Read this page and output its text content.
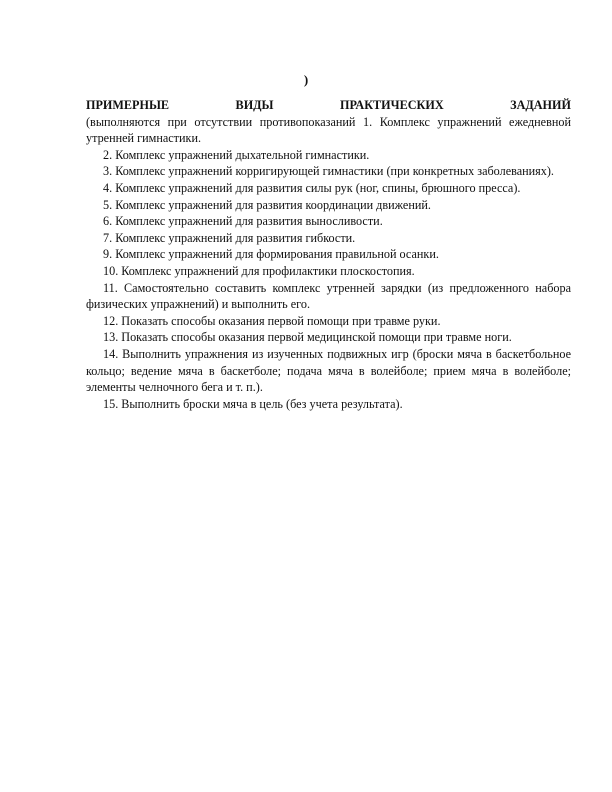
)

ПРИМЕРНЫЕ ВИДЫ ПРАКТИЧЕСКИХ ЗАДАНИЙ

(выполняются при отсутствии противопоказаний 1. Комплекс упражнений ежедневной утренней гимнастики.

2. Комплекс упражнений дыхательной гимнастики.

3. Комплекс упражнений корригирующей гимнастики (при конкретных заболеваниях).

4. Комплекс упражнений для развития силы рук (ног, спины, брюшного пресса).

5. Комплекс упражнений для развития координации движений.

6. Комплекс упражнений для развития выносливости.

7. Комплекс упражнений для развития гибкости.

9. Комплекс упражнений для формирования правильной осанки.

10. Комплекс упражнений для профилактики плоскостопия.

11. Самостоятельно составить комплекс утренней зарядки (из предложенного набора физических упражнений) и выполнить его.

12. Показать способы оказания первой помощи при травме руки.

13. Показать способы оказания первой медицинской помощи при травме ноги.

14. Выполнить упражнения из изученных подвижных игр (броски мяча в баскетбольное кольцо; ведение мяча в баскетболе; подача мяча в волейболе; прием мяча в волейболе; элементы челночного бега и т. п.).

15. Выполнить броски мяча в цель (без учета результата).
